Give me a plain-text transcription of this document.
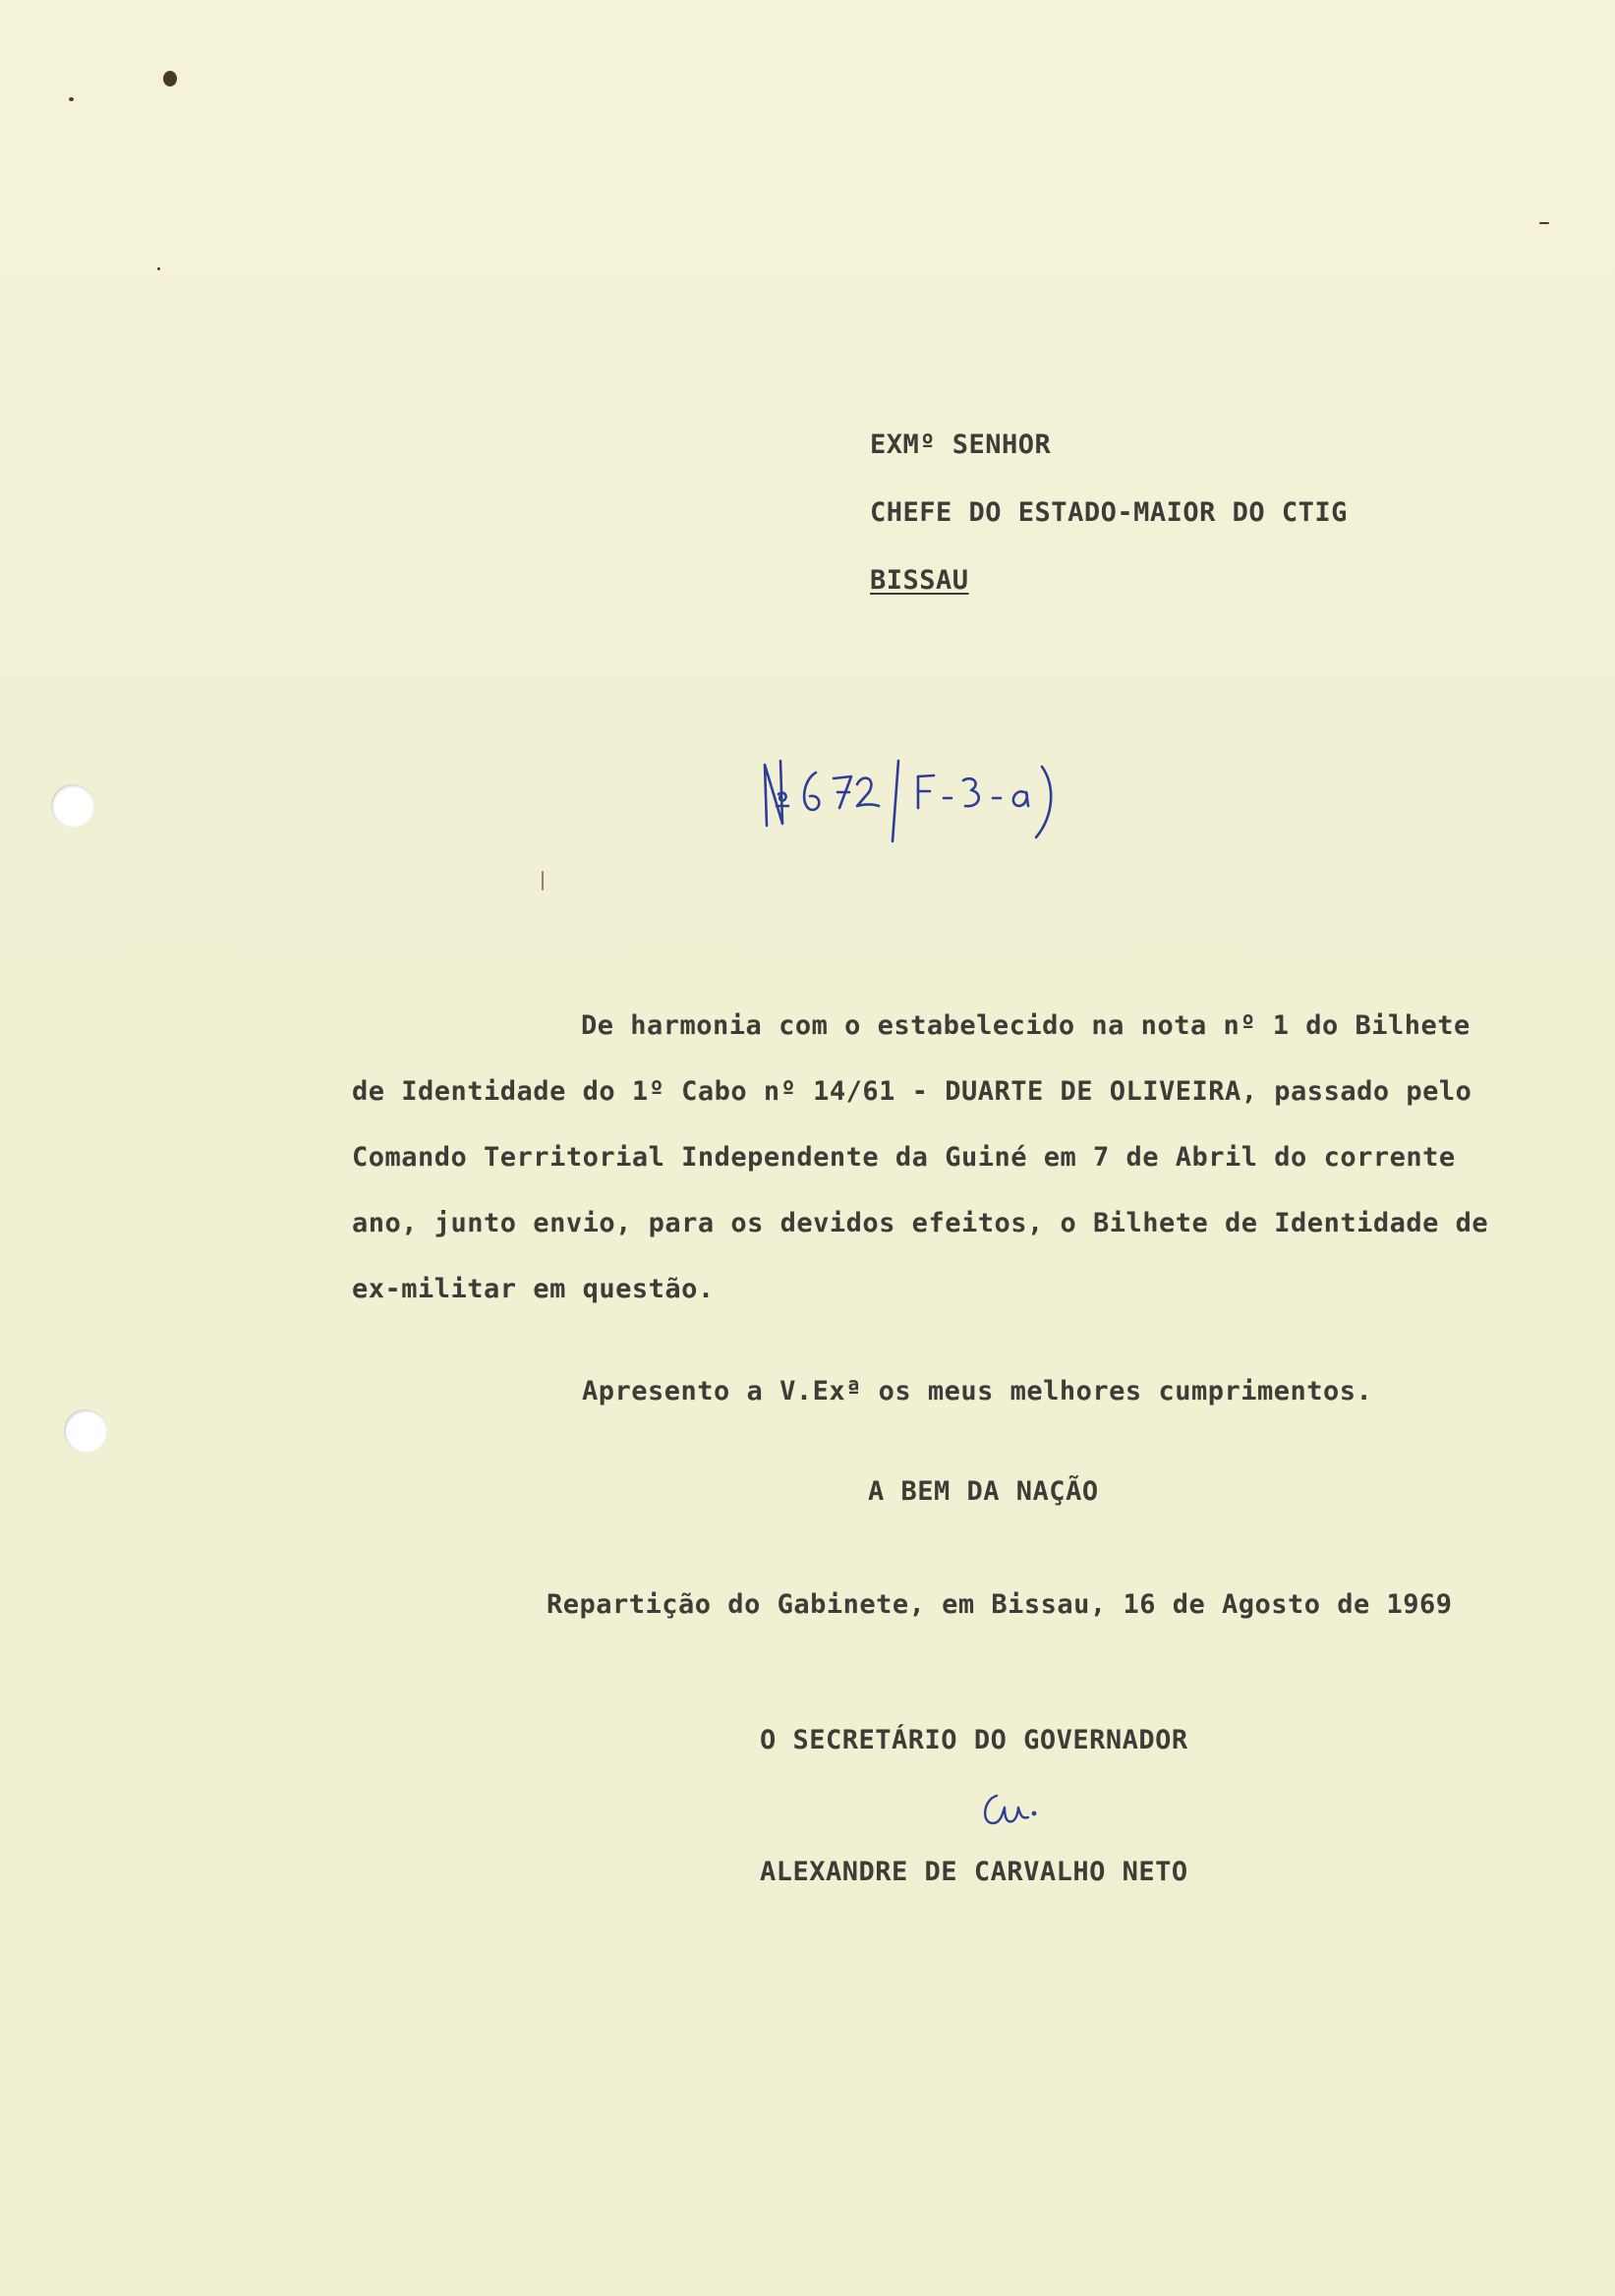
EXMº SENHOR

CHEFE DO ESTADO-MAIOR DO CTIG

BISSAU

De harmonia com o estabelecido na nota nº 1 do Bilhete

de Identidade do 1º Cabo nº 14/61 - DUARTE DE OLIVEIRA, passado pelo

Comando Territorial Independente da Guiné em 7 de Abril do corrente

ano, junto envio, para os devidos efeitos, o Bilhete de Identidade de

ex-militar em questão.

Apresento a V.Exª os meus melhores cumprimentos.

A BEM DA NAÇÃO

Repartição do Gabinete, em Bissau, 16 de Agosto de 1969

O SECRETÁRIO DO GOVERNADOR

ALEXANDRE DE CARVALHO NETO
